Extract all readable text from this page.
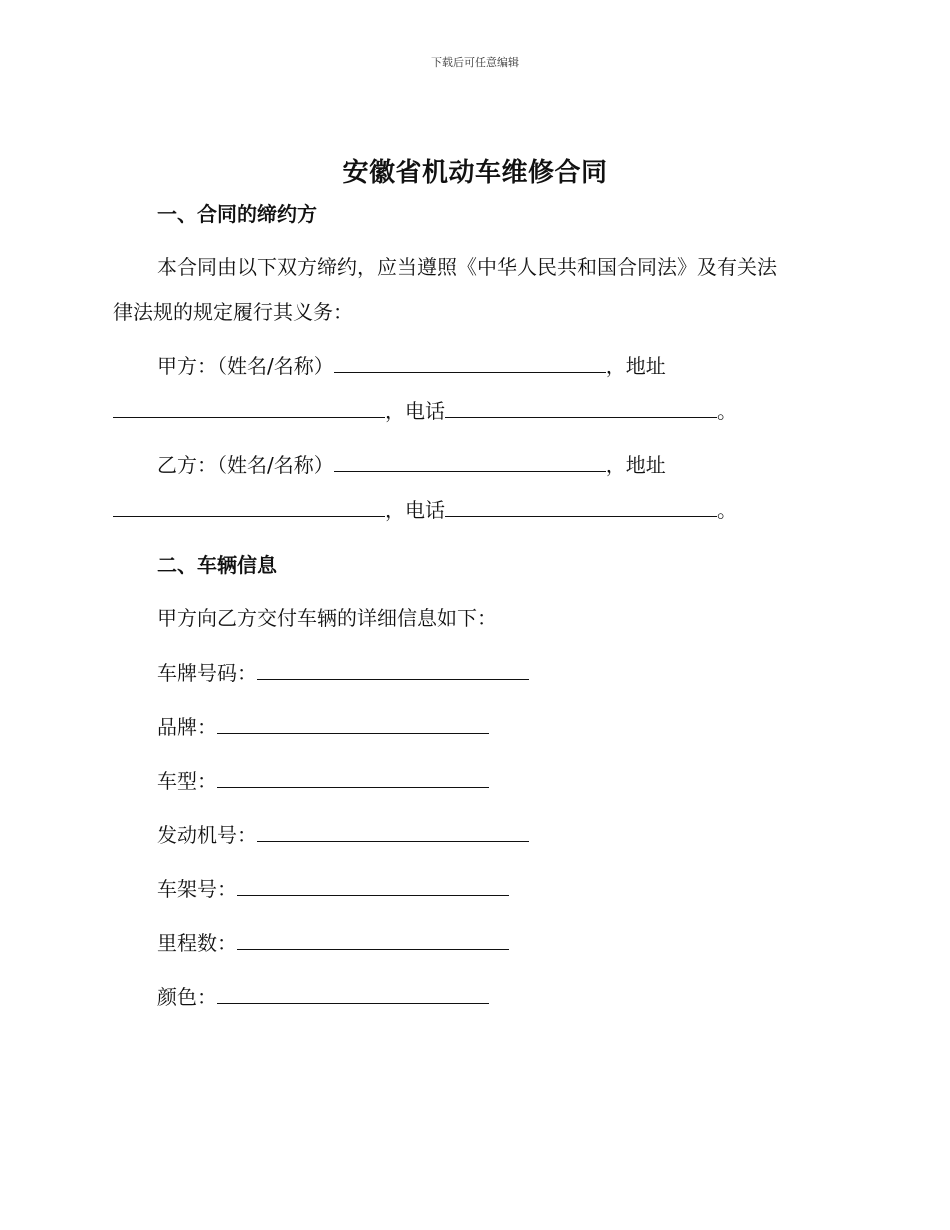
下载后可任意编辑
安徽省机动车维修合同
一、合同的缔约方
本合同由以下双方缔约，应当遵照《中华人民共和国合同法》及有关法
律法规的规定履行其义务：
甲方：（姓名/名称）	，地址
，电话	。
乙方：（姓名/名称）	，地址
，电话	。
二、车辆信息
甲方向乙方交付车辆的详细信息如下：
车牌号码：
品牌：
车型：
发动机号：
车架号：
里程数：
颜色：
